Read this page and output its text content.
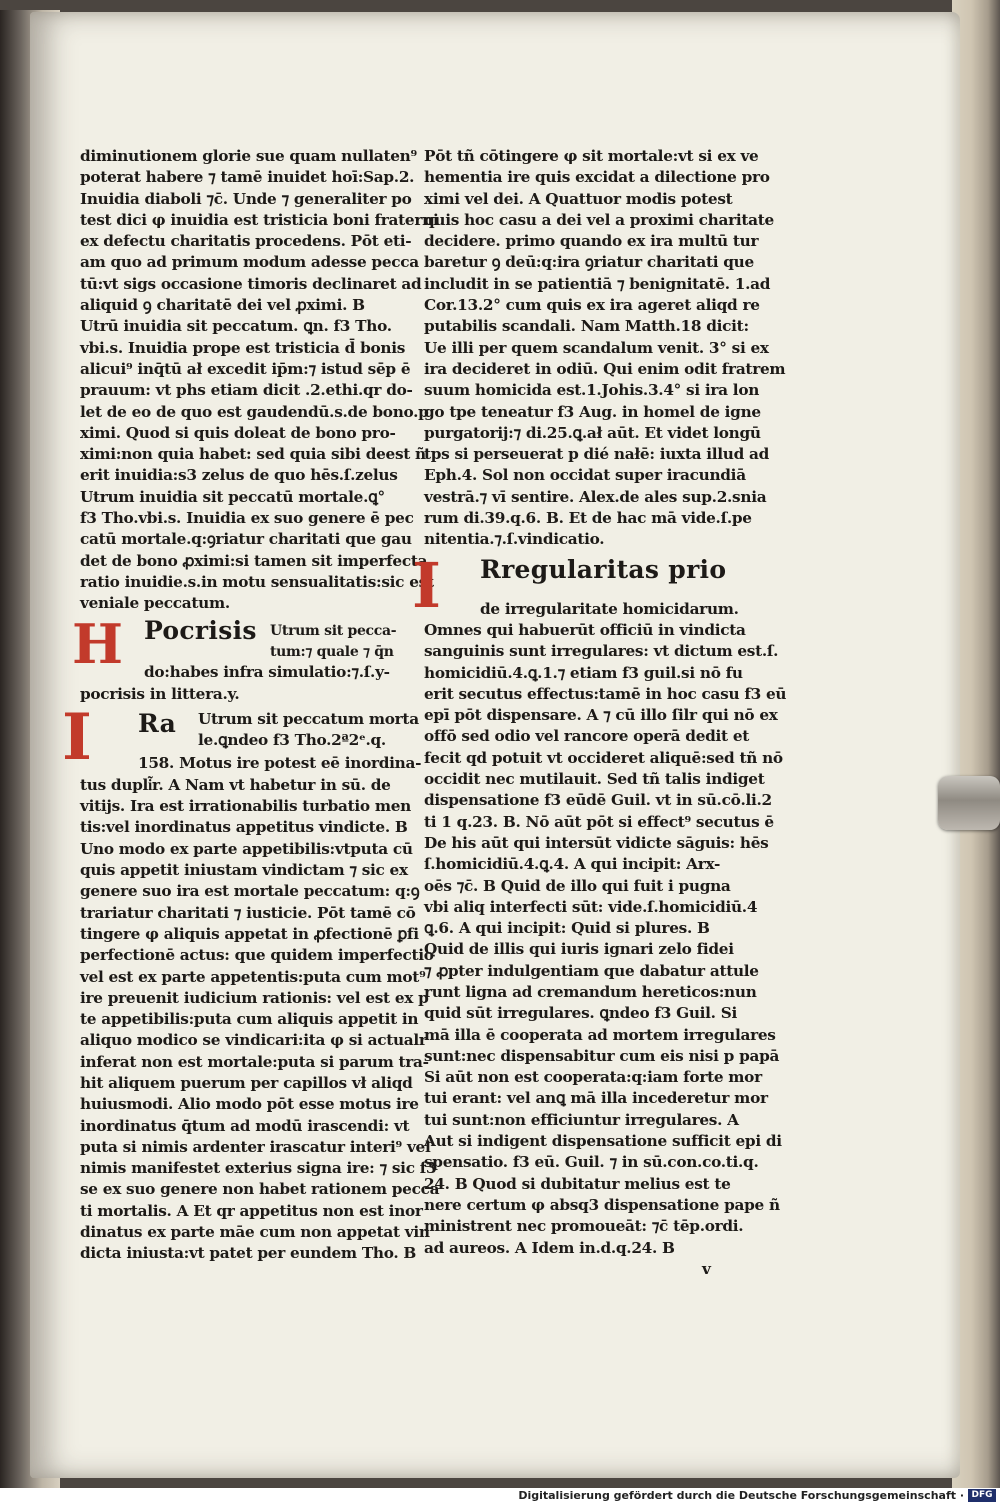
diminutionem glorie sue quam nullaten⁹
poterat habere ⁊ tamē inuidet hoī:Sap.2.
Inuidia diaboli ⁊c̄. Unde ⁊ generaliter po
test dici φ inuidia est tristicia boni fraterni
ex defectu charitatis procedens. Pōt eti-
am quo ad primum modum adesse pecca
tū:vt sigs occasione timoris declinaret ad
aliquid ꝯ charitatē dei vel ꝓximi. B
Utrū inuidia sit peccatum. ꝗn. f3 Tho.
vbi.s. Inuidia prope est tristicia d̄ bonis
alicui⁹ inq̄tū ał excedit ip̄m:⁊ istud sēp ē
prauum: vt phs etiam dicit .2.ethi.qr do-
let de eo de quo est gaudendū.s.de bono.p
ximi. Quod si quis doleat de bono pro-
ximi:non quia habet: sed quia sibi deest ñ
erit inuidia:s3 zelus de quo hēs.ſ.zelus
Utrum inuidia sit peccatū mortale.ꝗ°
f3 Tho.vbi.s. Inuidia ex suo genere ē pec
catū mortale.q:ꝯriatur charitati que gau
det de bono ꝓximi:si tamen sit imperfecta
ratio inuidie.s.in motu sensualitatis:sic est
veniale peccatum.
H Pocrisis Utrum sit pecca-
tum:⁊ quale ⁊ q̄n
do:habes infra simulatio:⁊.ſ.y-
pocrisis in littera.y.
I Ra Utrum sit peccatum morta
le.ꝗndeo f3 Tho.2ª2ᵉ.q.
158. Motus ire potest eē inordina-
tus dupli͂r. A Nam vt habetur in sū. de
vitijs. Ira est irrationabilis turbatio men
tis:vel inordinatus appetitus vindicte. B
Uno modo ex parte appetibilis:vtputa cū
quis appetit iniustam vindictam ⁊ sic ex
genere suo ira est mortale peccatum: q:ꝯ
trariatur charitati ⁊ iusticie. Pōt tamē cō
tingere φ aliquis appetat in ꝓfectionē ꝑfi
perfectionē actus: que quidem imperfectio
vel est ex parte appetentis:puta cum mot⁹
ire preuenit iudicium rationis: vel est ex p
te appetibilis:puta cum aliquis appetit in
aliquo modico se vindicari:ita φ si actualr
inferat non est mortale:puta si parum tra-
hit aliquem puerum per capillos vł aliqd
huiusmodi. Alio modo pōt esse motus ire
inordinatus q̄tum ad modū irascendi: vt
puta si nimis ardenter irascatur interi⁹ vel
nimis manifestet exterius signa ire: ⁊ sic f3
se ex suo genere non habet rationem pecca
ti mortalis. A Et qr appetitus non est inor
dinatus ex parte māe cum non appetat vin
dicta iniusta:vt patet per eundem Tho. B
Pōt tñ cōtingere φ sit mortale:vt si ex ve
hementia ire quis excidat a dilectione pro
ximi vel dei. A Quattuor modis potest
quis hoc casu a dei vel a proximi charitate
decidere. primo quando ex ira multū tur
baretur ꝯ deū:q:ira ꝯriatur charitati que
includit in se patientiā ⁊ benignitatē. 1.ad
Cor.13.2° cum quis ex ira ageret aliqd re
putabilis scandali. Nam Matth.18 dicit:
Ue illi per quem scandalum venit. 3° si ex
ira decideret in odiū. Qui enim odit fratrem
suum homicida est.1.Johis.3.4° si ira lon
go tpe teneatur f3 Aug. in homel de igne
purgatorij:⁊ di.25.ꝗ.ał aūt. Et videt longū
tps si perseuerat p dié nałē: iuxta illud ad
Eph.4. Sol non occidat super iracundiā
vestrā.⁊ vī sentire. Alex.de ales sup.2.snia
rum di.39.q.6. B. Et de hac mā vide.ſ.pe
nitentia.⁊.ſ.vindicatio.
I Rregularitas prio
de irregularitate homicidarum.
Omnes qui habuerūt officiū in vindicta
sanguinis sunt irregulares: vt dictum est.ſ.
homicidiū.4.ꝗ.1.⁊ etiam f3 guil.si nō fu
erit secutus effectus:tamē in hoc casu f3 eū
epī pōt dispensare. A ⁊ cū illo ſilr qui nō ex
offō sed odio vel rancore operā dedit et
fecit qd potuit vt occideret aliquē:sed tñ nō
occidit nec mutilauit. Sed tñ talis indiget
dispensatione f3 eūdē Guil. vt in sū.cō.li.2
ti 1 q.23. B. Nō aūt pōt si effect⁹ secutus ē
De his aūt qui intersūt vidicte sāguis: hēs
ſ.homicidiū.4.ꝗ.4. A qui incipit: Arx-
oēs ⁊c̄. B Quid de illo qui fuit i pugna
vbi aliq interfecti sūt: vide.ſ.homicidiū.4
ꝗ.6. A qui incipit: Quid si plures. B
Quid de illis qui iuris ignari zelo fidei
⁊ ꝓpter indulgentiam que dabatur attule
runt ligna ad cremandum hereticos:nun
quid sūt irregulares. ꝗndeo f3 Guil. Si
mā illa ē cooperata ad mortem irregulares
sunt:nec dispensabitur cum eis nisi p papā
Si aūt non est cooperata:q:iam forte mor
tui erant: vel anꝗ mā illa incederetur mor
tui sunt:non efficiuntur irregulares. A
Aut si indigent dispensatione sufficit epi di
spensatio. f3 eū. Guil. ⁊ in sū.con.co.ti.q.
24. B Quod si dubitatur melius est te
nere certum φ absq3 dispensatione pape ñ
ministrent nec promoueāt: ⁊c̄ tēp.ordi.
ad aureos. A Idem in.d.q.24. B
v
Digitalisierung gefördert durch die Deutsche Forschungsgemeinschaft · DFG
